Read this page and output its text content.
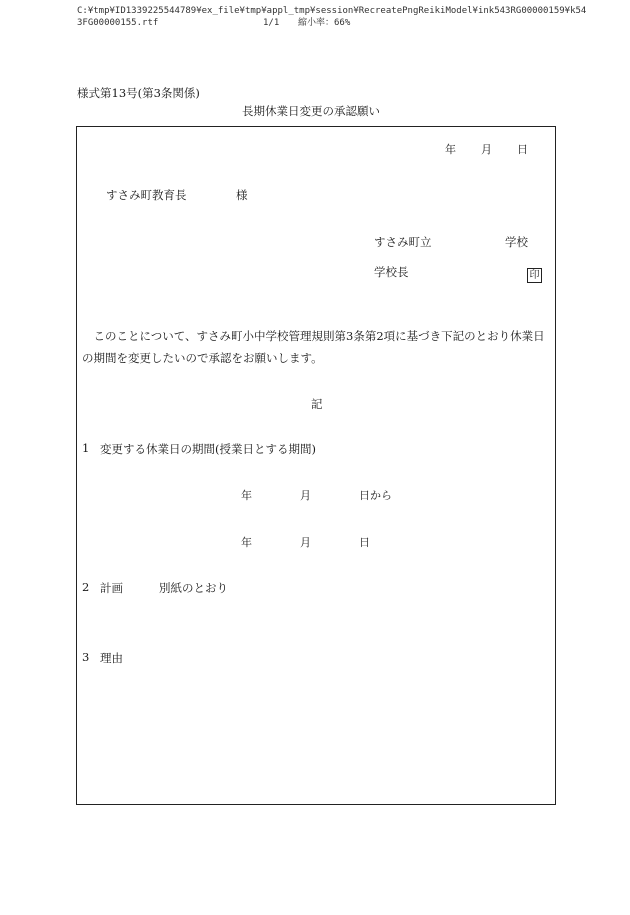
C:¥tmp¥ID1339225544789¥ex_file¥tmp¥appl_tmp¥session¥RecreatePngReikiModel¥ink543RG00000159¥k54
3FG00000155.rtf	1/1 縮小率：66%
様式第13号(第3条関係)
長期休業日変更の承認願い
年 月 日
すさみ町教育長	様
すさみ町立	学校
学校長	印
　このことについて、すさみ町小中学校管理規則第3条第2項に基づき下記のとおり休業日の期間を変更したいので承認をお願いします。
記
1 変更する休業日の期間(授業日とする期間)
年	月	日から
年	月	日
2 計画	別紙のとおり
3 理由
